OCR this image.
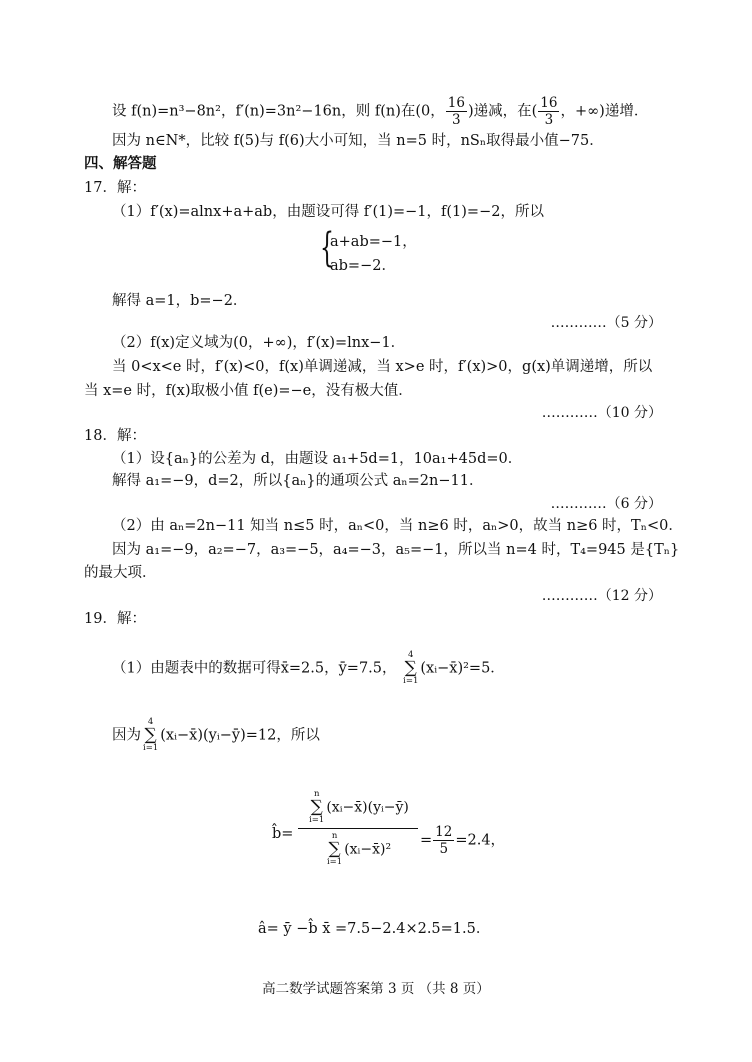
设 f(n)=n³−8n²，f′(n)=3n²−16n，则 f(n)在(0， $\frac{16}{3}$ )递减，在( $\frac{16}{3}$ ，+∞)递增．
因为 n∈N*，比较 f(5)与 f(6)大小可知，当 n=5 时，nSₙ取得最小值−75．
四、解答题
17．解：
（1）f′(x)=alnx+a+ab，由题设可得 f′(1)=−1，f(1)=−2，所以
{
a+ab=−1，
ab=−2．
解得 a=1，b=−2．
…………（5 分）
（2）f(x)定义域为(0，+∞)，f′(x)=lnx−1．
当 0<x<e 时，f′(x)<0，f(x)单调递减，当 x>e 时，f′(x)>0，g(x)单调递增，所以
当 x=e 时，f(x)取极小值 f(e)=−e，没有极大值．
…………（10 分）
18．解：
（1）设{aₙ}的公差为 d，由题设 a₁+5d=1，10a₁+45d=0．
解得 a₁=−9，d=2，所以{aₙ}的通项公式 aₙ=2n−11．
…………（6 分）
（2）由 aₙ=2n−11 知当 n≤5 时，aₙ<0，当 n≥6 时，aₙ>0，故当 n≥6 时，Tₙ<0．
因为 a₁=−9，a₂=−7，a₃=−5，a₄=−3，a₅=−1，所以当 n=4 时，T₄=945 是{Tₙ}
的最大项．
…………（12 分）
19．解：
（1）由题表中的数据可得x̄=2.5，ȳ=7.5，
4
∑
i=1
(xᵢ−x̄)²=5．
因为
4
∑
i=1
(xᵢ−x̄)(yᵢ−ȳ)=12，所以
b̂= n
∑
i=1
(xᵢ−x̄)(yᵢ−ȳ)
n
∑
i=1
(xᵢ−x̄)² = $\frac{12}{5} =2.4$，
â= ȳ −b̂ x̄ =7.5−2.4×2.5=1.5．
高二数学试题答案第 3 页 （共 8 页）
